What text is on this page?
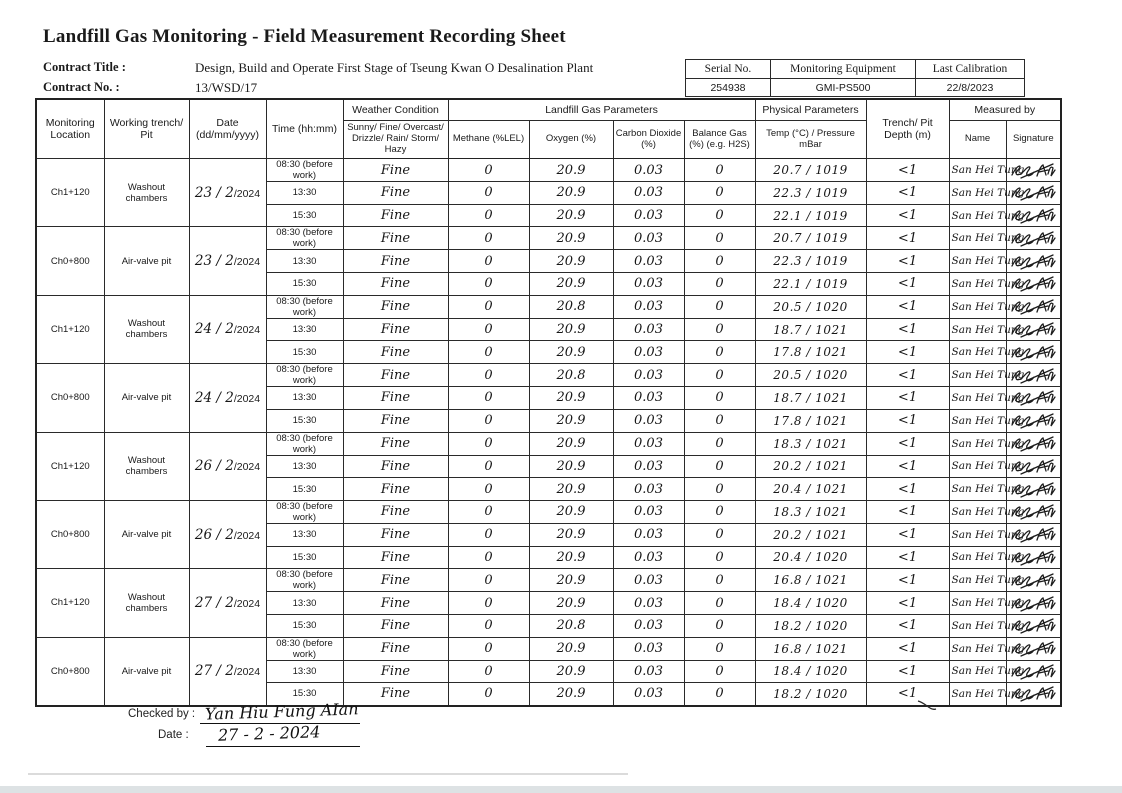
Landfill Gas Monitoring - Field Measurement Recording Sheet
Contract Title :	Design, Build and Operate First Stage of Tseung Kwan O Desalination Plant
Contract No. :	13/WSD/17
Serial No.	Monitoring Equipment	Last Calibration
254938	GMI-PS500	22/8/2023
Monitoring Location	Working trench/ Pit	Date (dd/mm/yyyy)	Time (hh:mm)	Weather Condition	Landfill Gas Parameters				Physical Parameters	Trench/ Pit Depth (m)	Measured by	
				Sunny/ Fine/ Overcast/ Drizzle/ Rain/ Storm/ Hazy	Methane (%LEL)	Oxygen (%)	Carbon Dioxide (%)	Balance Gas (%) (e.g. H2S)	Temp (°C) / Pressure mBar		Name	Signature
Ch1+120	Washout chambers	23 / 2/2024	08:30 (before work)	Fine	0	20.9	0.03	0	20.7 / 1019	<1	San Hei Tung	

			13:30	Fine	0	20.9	0.03	0	22.3 / 1019	<1	San Hei Tung	

			15:30	Fine	0	20.9	0.03	0	22.1 / 1019	<1	San Hei Tung	

Ch0+800	Air-valve pit	23 / 2/2024	08:30 (before work)	Fine	0	20.9	0.03	0	20.7 / 1019	<1	San Hei Tung	

			13:30	Fine	0	20.9	0.03	0	22.3 / 1019	<1	San Hei Tung	

			15:30	Fine	0	20.9	0.03	0	22.1 / 1019	<1	San Hei Tung	

Ch1+120	Washout chambers	24 / 2/2024	08:30 (before work)	Fine	0	20.8	0.03	0	20.5 / 1020	<1	San Hei Tung	

			13:30	Fine	0	20.9	0.03	0	18.7 / 1021	<1	San Hei Tung	

			15:30	Fine	0	20.9	0.03	0	17.8 / 1021	<1	San Hei Tung	

Ch0+800	Air-valve pit	24 / 2/2024	08:30 (before work)	Fine	0	20.8	0.03	0	20.5 / 1020	<1	San Hei Tung	

			13:30	Fine	0	20.9	0.03	0	18.7 / 1021	<1	San Hei Tung	

			15:30	Fine	0	20.9	0.03	0	17.8 / 1021	<1	San Hei Tung	

Ch1+120	Washout chambers	26 / 2/2024	08:30 (before work)	Fine	0	20.9	0.03	0	18.3 / 1021	<1	San Hei Tung	

			13:30	Fine	0	20.9	0.03	0	20.2 / 1021	<1	San Hei Tung	

			15:30	Fine	0	20.9	0.03	0	20.4 / 1021	<1	San Hei Tung	

Ch0+800	Air-valve pit	26 / 2/2024	08:30 (before work)	Fine	0	20.9	0.03	0	18.3 / 1021	<1	San Hei Tung	

			13:30	Fine	0	20.9	0.03	0	20.2 / 1021	<1	San Hei Tung	

			15:30	Fine	0	20.9	0.03	0	20.4 / 1020	<1	San Hei Tung	

Ch1+120	Washout chambers	27 / 2/2024	08:30 (before work)	Fine	0	20.9	0.03	0	16.8 / 1021	<1	San Hei Tung	

			13:30	Fine	0	20.9	0.03	0	18.4 / 1020	<1	San Hei Tung	

			15:30	Fine	0	20.8	0.03	0	18.2 / 1020	<1	San Hei Tung	

Ch0+800	Air-valve pit	27 / 2/2024	08:30 (before work)	Fine	0	20.9	0.03	0	16.8 / 1021	<1	San Hei Tung	

			13:30	Fine	0	20.9	0.03	0	18.4 / 1020	<1	San Hei Tung	

			15:30	Fine	0	20.9	0.03	0	18.2 / 1020	<1	San Hei Tung	
Checked by : Yan Hiu Fung AIan
Date : 27 - 2 - 2024
